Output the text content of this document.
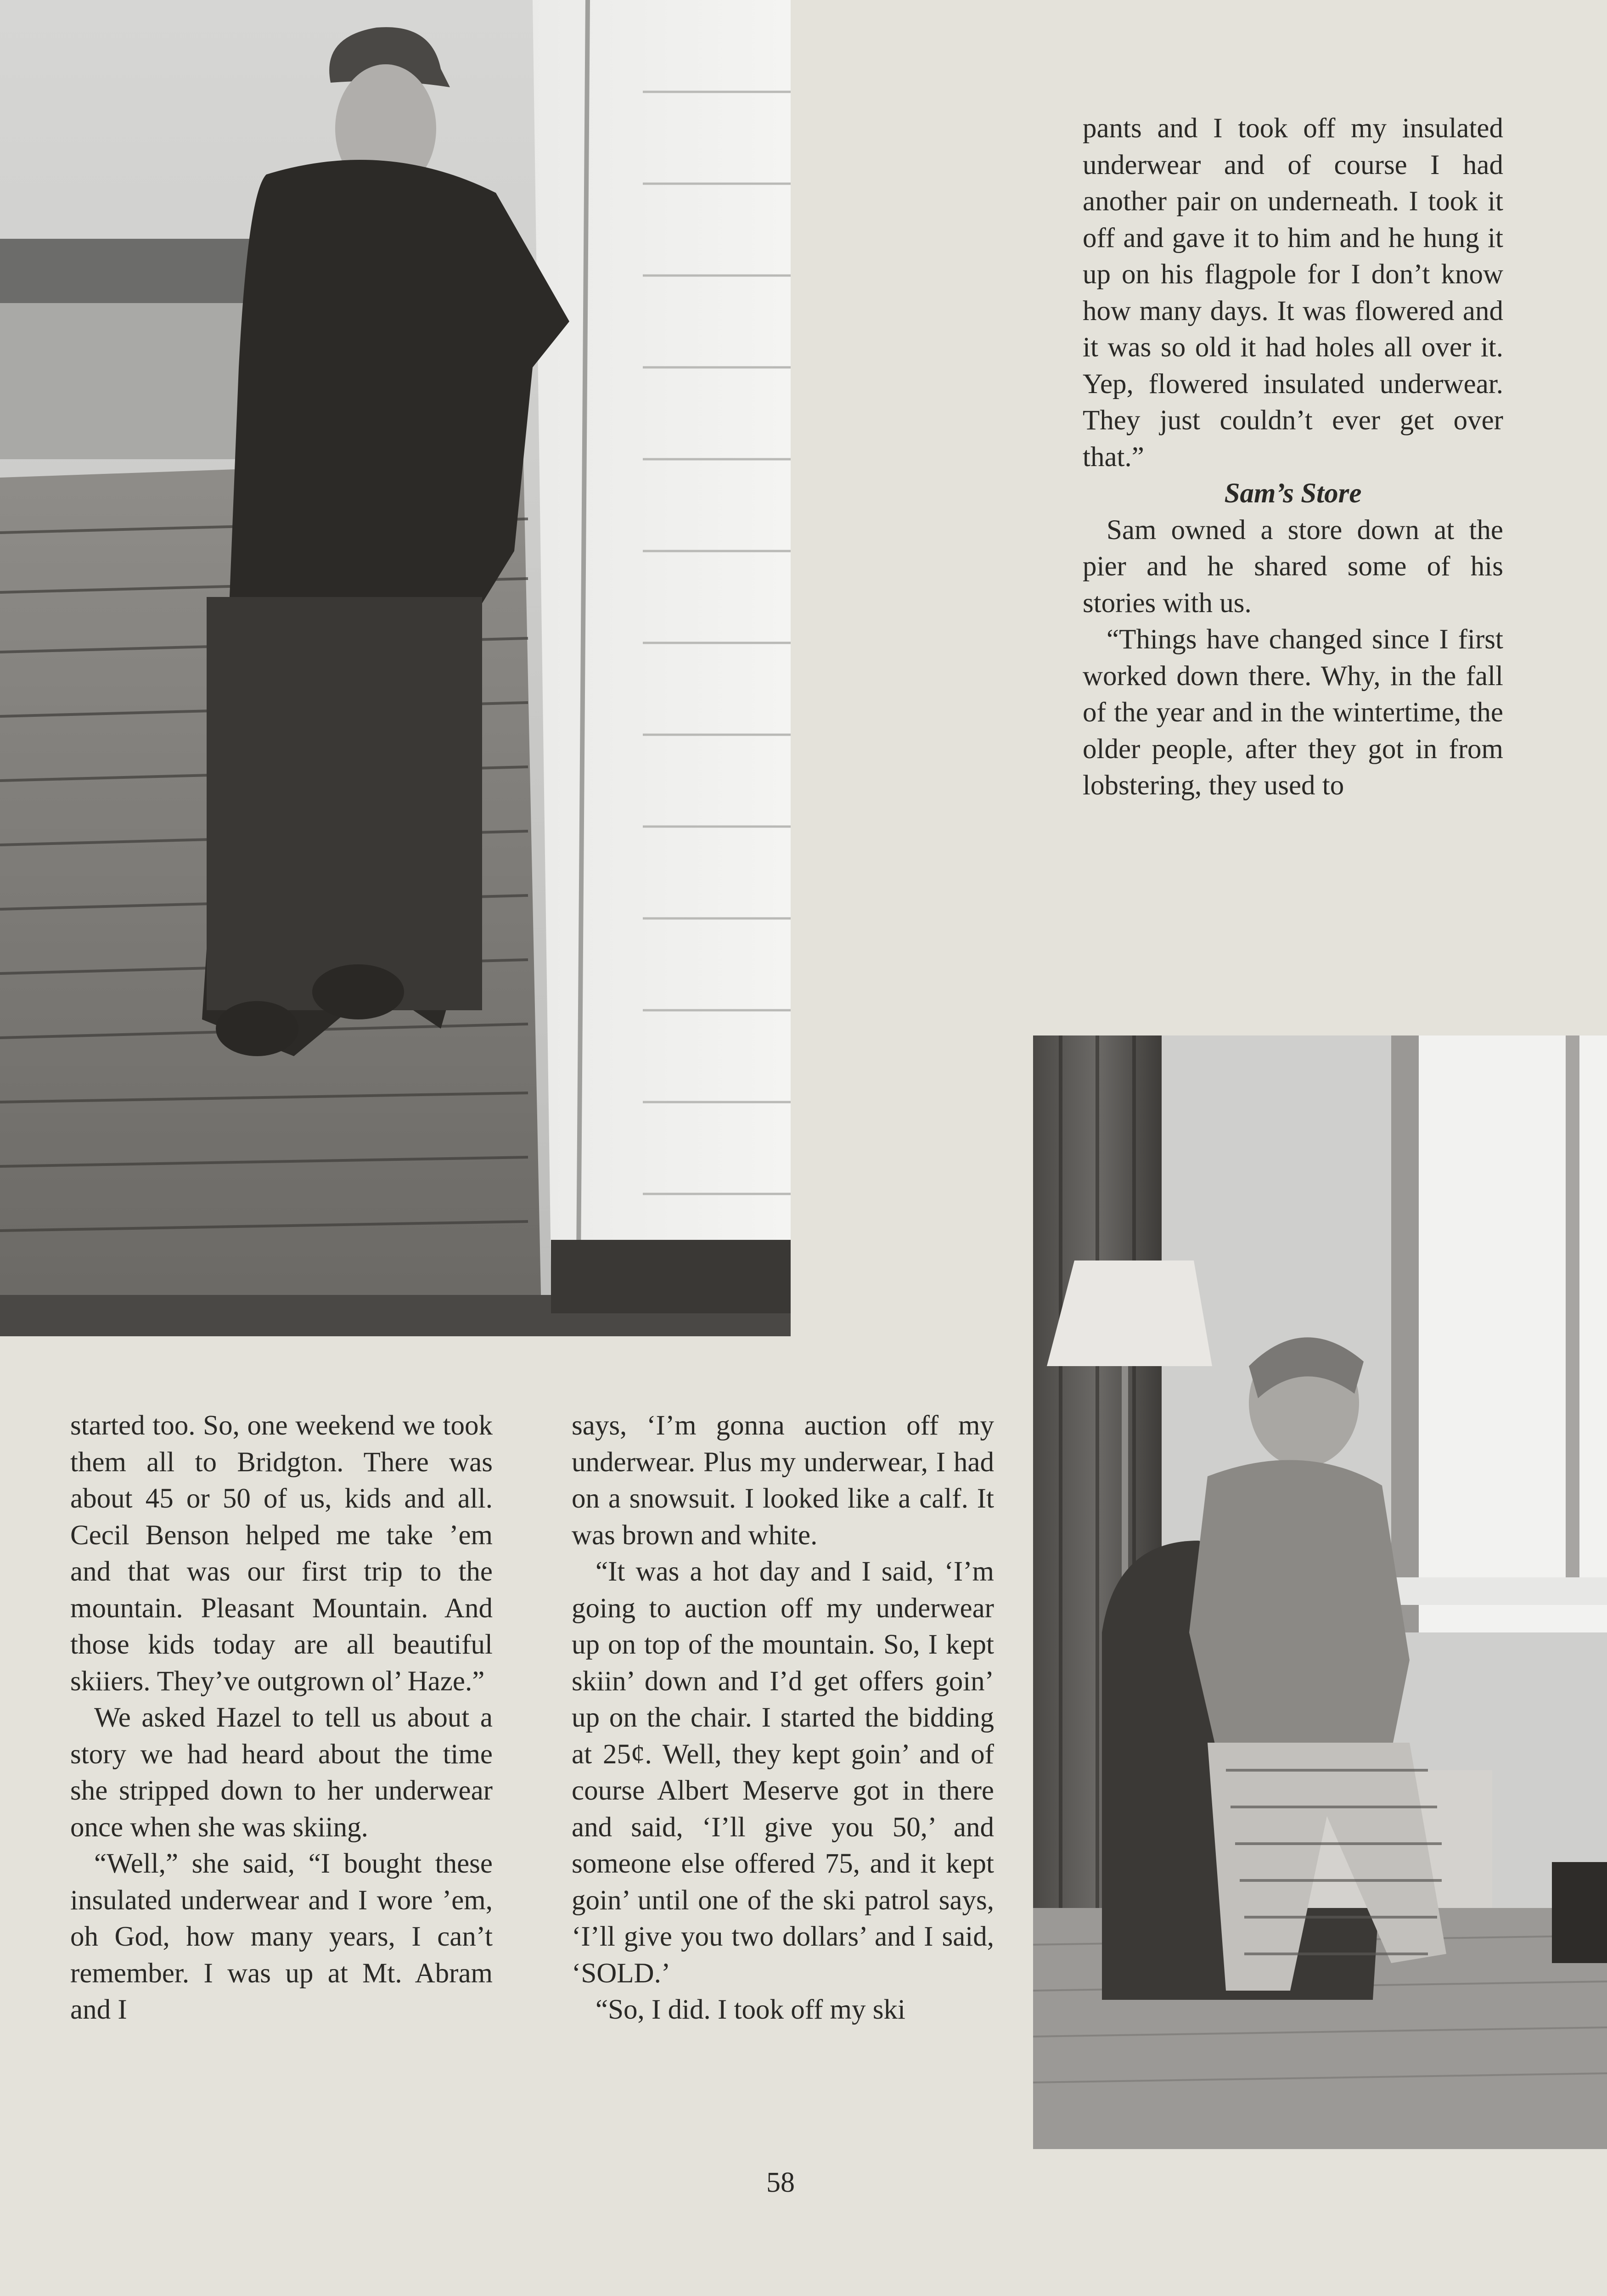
pants and I took off my insulated underwear and of course I had another pair on underneath. I took it off and gave it to him and he hung it up on his flagpole for I don’t know how many days. It was flowered and it was so old it had holes all over it. Yep, flowered insulated underwear. They just couldn’t ever get over that.”

Sam’s Store

Sam owned a store down at the pier and he shared some of his stories with us.

“Things have changed since I first worked down there. Why, in the fall of the year and in the wintertime, the older people, after they got in from lobstering, they used to

started too. So, one weekend we took them all to Bridgton. There was about 45 or 50 of us, kids and all. Cecil Benson helped me take ’em and that was our first trip to the mountain. Pleasant Mountain. And those kids today are all beautiful skiiers. They’ve outgrown ol’ Haze.”

We asked Hazel to tell us about a story we had heard about the time she stripped down to her underwear once when she was skiing.

“Well,” she said, “I bought these insulated underwear and I wore ’em, oh God, how many years, I can’t remember. I was up at Mt. Abram and I

says, ‘I’m gonna auction off my underwear. Plus my underwear, I had on a snowsuit. I looked like a calf. It was brown and white.

“It was a hot day and I said, ‘I’m going to auction off my underwear up on top of the mountain. So, I kept skiin’ down and I’d get offers goin’ up on the chair. I started the bidding at 25¢. Well, they kept goin’ and of course Albert Meserve got in there and said, ‘I’ll give you 50,’ and someone else offered 75, and it kept goin’ until one of the ski patrol says, ‘I’ll give you two dollars’ and I said, ‘SOLD.’

“So, I did. I took off my ski

58
